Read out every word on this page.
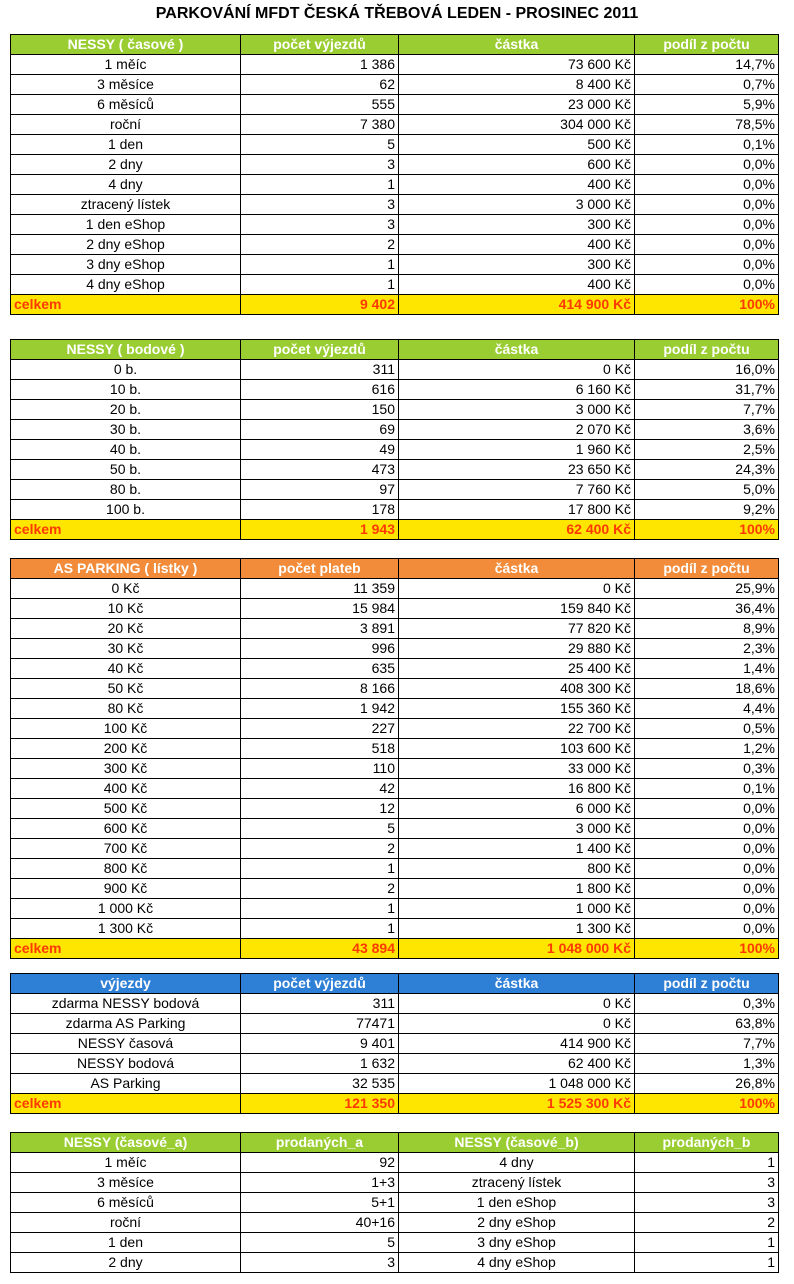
PARKOVÁNÍ MFDT ČESKÁ TŘEBOVÁ LEDEN - PROSINEC 2011
NESSY ( časové )	počet výjezdů	částka	podíl z počtu
1 měíc	1 386	73 600 Kč	14,7%
3 měsíce	62	8 400 Kč	0,7%
6 měsíců	555	23 000 Kč	5,9%
roční	7 380	304 000 Kč	78,5%
1 den	5	500 Kč	0,1%
2 dny	3	600 Kč	0,0%
4 dny	1	400 Kč	0,0%
ztracený lístek	3	3 000 Kč	0,0%
1 den eShop	3	300 Kč	0,0%
2 dny eShop	2	400 Kč	0,0%
3 dny eShop	1	300 Kč	0,0%
4 dny eShop	1	400 Kč	0,0%
celkem	9 402	414 900 Kč	100%
NESSY ( bodové )	počet výjezdů	částka	podíl z počtu
0 b.	311	0 Kč	16,0%
10 b.	616	6 160 Kč	31,7%
20 b.	150	3 000 Kč	7,7%
30 b.	69	2 070 Kč	3,6%
40 b.	49	1 960 Kč	2,5%
50 b.	473	23 650 Kč	24,3%
80 b.	97	7 760 Kč	5,0%
100 b.	178	17 800 Kč	9,2%
celkem	1 943	62 400 Kč	100%
AS PARKING ( lístky )	počet plateb	částka	podíl z počtu
0 Kč	11 359	0 Kč	25,9%
10 Kč	15 984	159 840 Kč	36,4%
20 Kč	3 891	77 820 Kč	8,9%
30 Kč	996	29 880 Kč	2,3%
40 Kč	635	25 400 Kč	1,4%
50 Kč	8 166	408 300 Kč	18,6%
80 Kč	1 942	155 360 Kč	4,4%
100 Kč	227	22 700 Kč	0,5%
200 Kč	518	103 600 Kč	1,2%
300 Kč	110	33 000 Kč	0,3%
400 Kč	42	16 800 Kč	0,1%
500 Kč	12	6 000 Kč	0,0%
600 Kč	5	3 000 Kč	0,0%
700 Kč	2	1 400 Kč	0,0%
800 Kč	1	800 Kč	0,0%
900 Kč	2	1 800 Kč	0,0%
1 000 Kč	1	1 000 Kč	0,0%
1 300 Kč	1	1 300 Kč	0,0%
celkem	43 894	1 048 000 Kč	100%
výjezdy	počet výjezdů	částka	podíl z počtu
zdarma NESSY bodová	311	0 Kč	0,3%
zdarma AS Parking	77471	0 Kč	63,8%
NESSY časová	9 401	414 900 Kč	7,7%
NESSY bodová	1 632	62 400 Kč	1,3%
AS Parking	32 535	1 048 000 Kč	26,8%
celkem	121 350	1 525 300 Kč	100%
NESSY (časové_a)	prodaných_a	NESSY (časové_b)	prodaných_b
1 měíc	92	4 dny	1
3 měsíce	1+3	ztracený lístek	3
6 měsíců	5+1	1 den eShop	3
roční	40+16	2 dny eShop	2
1 den	5	3 dny eShop	1
2 dny	3	4 dny eShop	1
